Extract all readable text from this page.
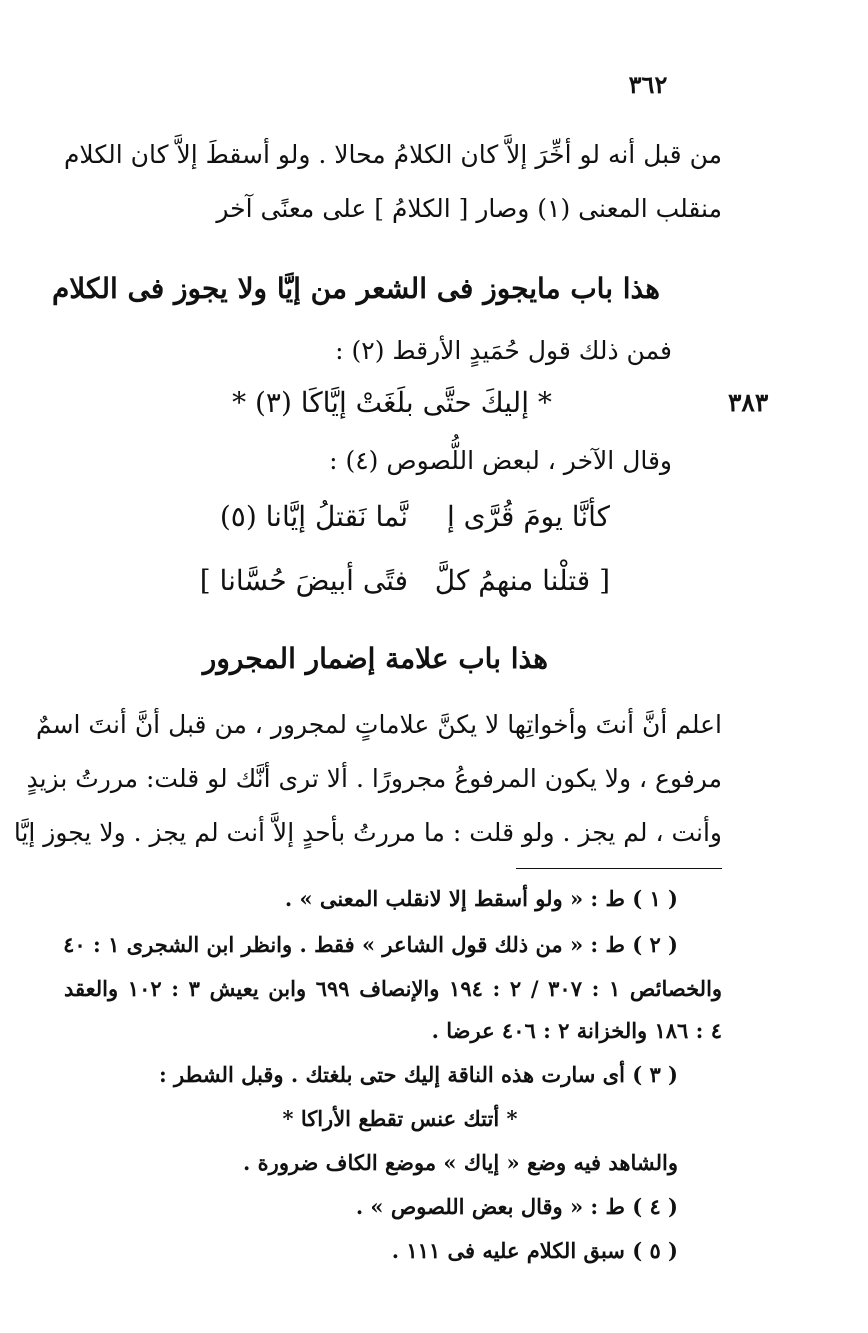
٣٦٢
من قبل أنه لو أخِّرَ إلاَّ كان الكلامُ محالا . ولو أسقطَ إلاَّ كان الكلام
منقلب المعنى (١) وصار [ الكلامُ ] على معنًى آخر
هذا باب مايجوز فى الشعر من إيَّا ولا يجوز فى الكلام
فمن ذلك قول حُمَيدٍ الأرقط (٢) :
٣٨٣
* إليكَ حتَّى بلَغَتْ إيَّاكَا (٣) *
وقال الآخر ، لبعض اللُّصوص (٤) :
كأنَّا يومَ قُرَّى إ
نَّما نَقتلُ إيَّانا (٥)
[ قتلْنا منهمُ كلَّ
فتًى أبيضَ حُسَّانا ]
هذا باب علامة إضمار المجرور
اعلم أنَّ أنتَ وأخواتِها لا يكنَّ علاماتٍ لمجرور ، من قبل أنَّ أنتَ اسمٌ
مرفوع ، ولا يكون المرفوعُ مجرورًا . ألا ترى أنَّك لو قلت: مررتُ بزيدٍ
وأنت ، لم يجز . ولو قلت : ما مررتُ بأحدٍ إلاَّ أنت لم يجز . ولا يجوز إيَّا
( ١ ) ط : « ولو أسقط إلا لانقلب المعنى » .
( ٢ ) ط : « من ذلك قول الشاعر » فقط . وانظر ابن الشجرى ١ : ٤٠
والخصائص ١ : ٣٠٧ / ٢ : ١٩٤ والإنصاف ٦٩٩ وابن يعيش ٣ : ١٠٢ والعقد
٤ : ١٨٦ والخزانة ٢ : ٤٠٦ عرضا .
( ٣ ) أى سارت هذه الناقة إليك حتى بلغتك . وقبل الشطر :
* أتتك عنس تقطع الأراكا *
والشاهد فيه وضع « إياك » موضع الكاف ضرورة .
( ٤ ) ط : « وقال بعض اللصوص » .
( ٥ ) سبق الكلام عليه فى ١١١ .
